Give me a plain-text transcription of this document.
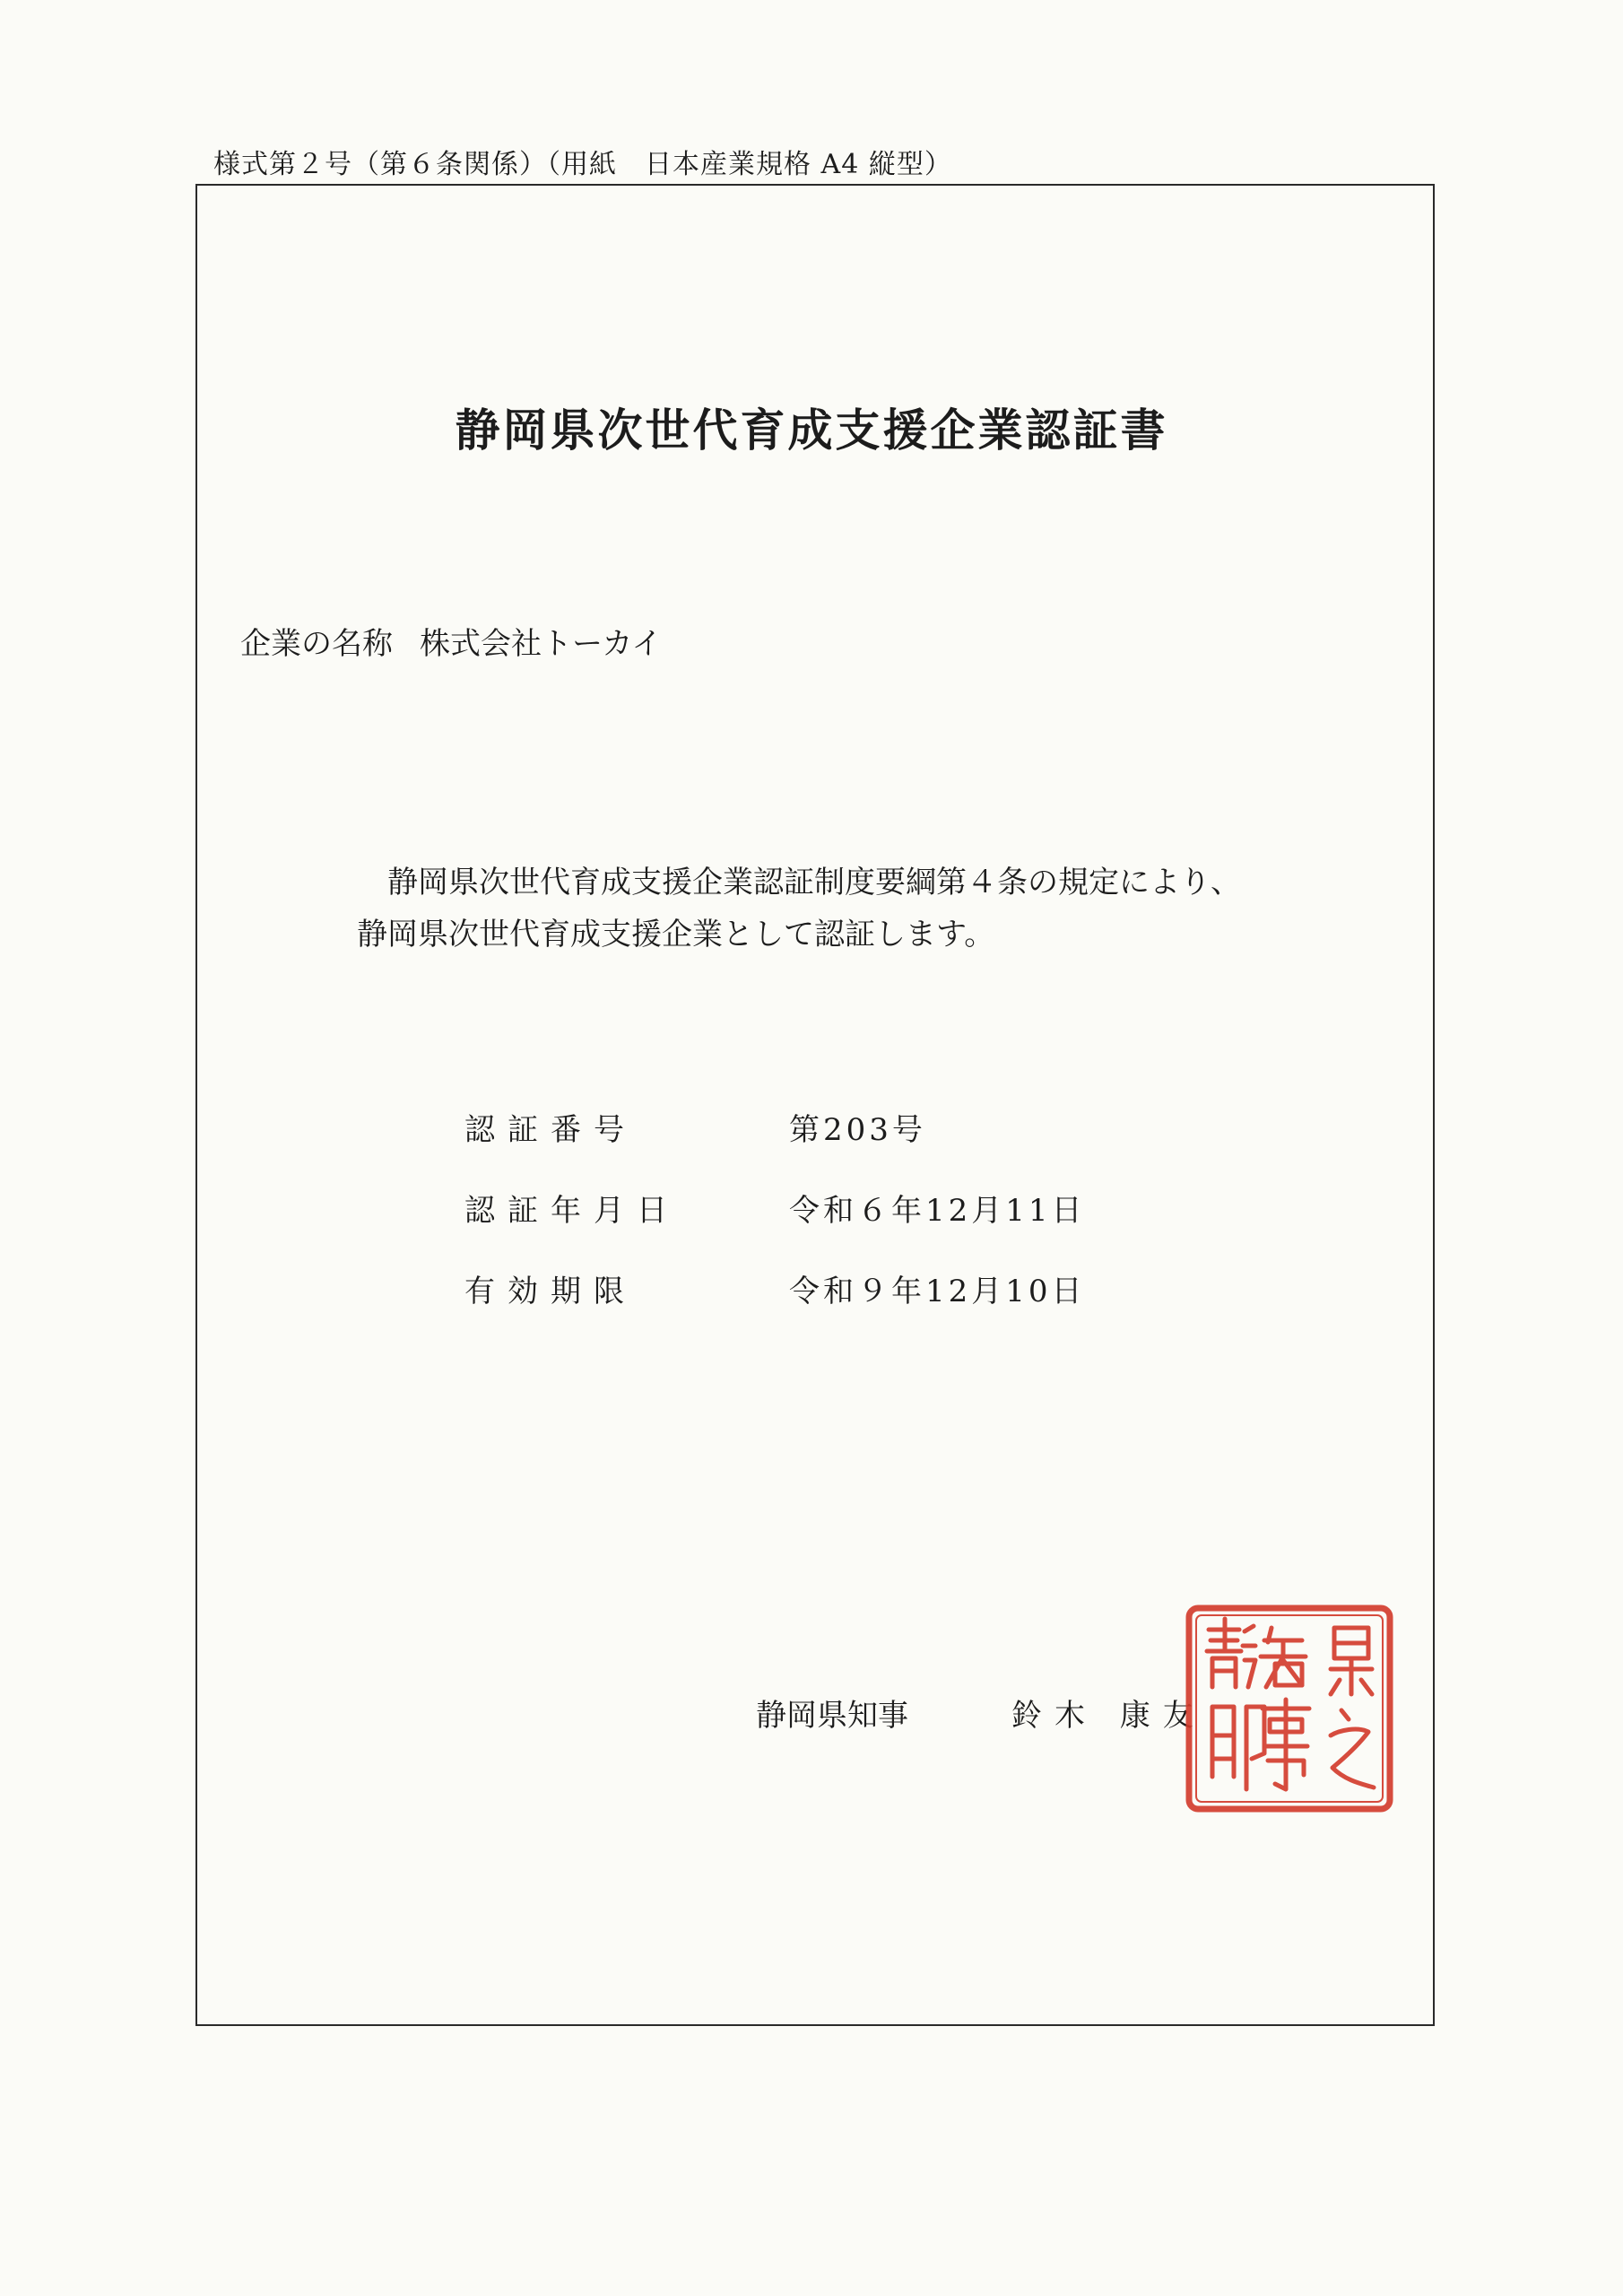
様式第２号（第６条関係）（用紙　日本産業規格 A4 縦型）
静岡県次世代育成支援企業認証書
企業の名称 株式会社トーカイ
静岡県次世代育成支援企業認証制度要綱第４条の規定により、
静岡県次世代育成支援企業として認証します。
認証番号	第203号
認証年月日	令和６年12月11日
有効期限	令和９年12月10日
静岡県知事	鈴木 康友
